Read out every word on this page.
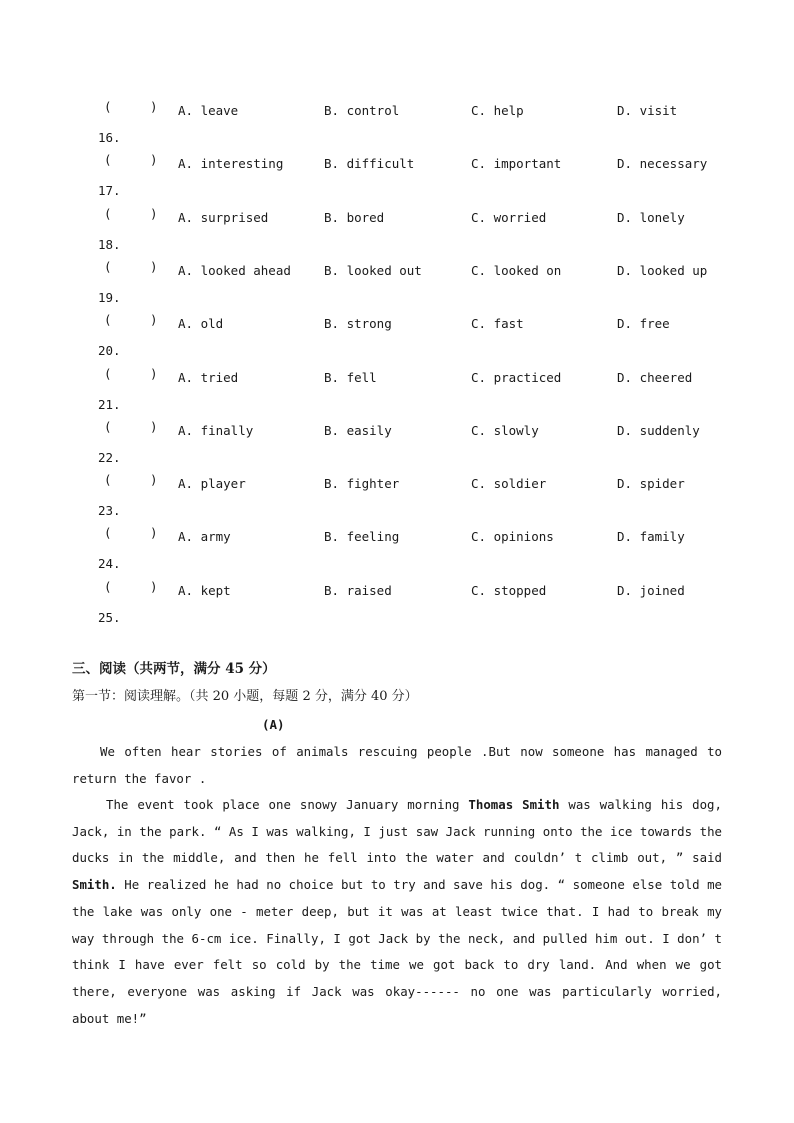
(	) A. leave	B. control	C. help	D. visit
16.
(	) A. interesting	B. difficult	C. important	D. necessary
17.
(	) A. surprised	B. bored	C. worried	D. lonely
18.
(	) A. looked ahead	B. looked out	C. looked on	D. looked up
19.
(	) A. old	B. strong	C. fast	D. free
20.
(	) A. tried	B. fell	C. practiced	D. cheered
21.
(	) A. finally	B. easily	C. slowly	D. suddenly
22.
(	) A. player	B. fighter	C. soldier	D. spider
23.
(	) A. army	B. feeling	C. opinions	D. family
24.
(	) A. kept	B. raised	C. stopped	D. joined
25.
三、阅读（共两节，满分 45 分）
第一节：阅读理解。（共 20 小题，每题 2 分，满分 40 分）
(A)

We often hear stories of animals rescuing people .But now someone has managed to return the favor .

The event took place one snowy January morning Thomas Smith was walking his dog, Jack, in the park. “ As I was walking, I just saw Jack running onto the ice towards the ducks in the middle, and then he fell into the water and couldn’ t climb out, ” said Smith. He realized he had no choice but to try and save his dog. “ someone else told me the lake was only one - meter deep, but it was at least twice that. I had to break my way through the 6-cm ice. Finally, I got Jack by the neck, and pulled him out. I don’ t think I have ever felt so cold by the time we got back to dry land. And when we got there, everyone was asking if Jack was okay------ no one was particularly worried, about me!”
